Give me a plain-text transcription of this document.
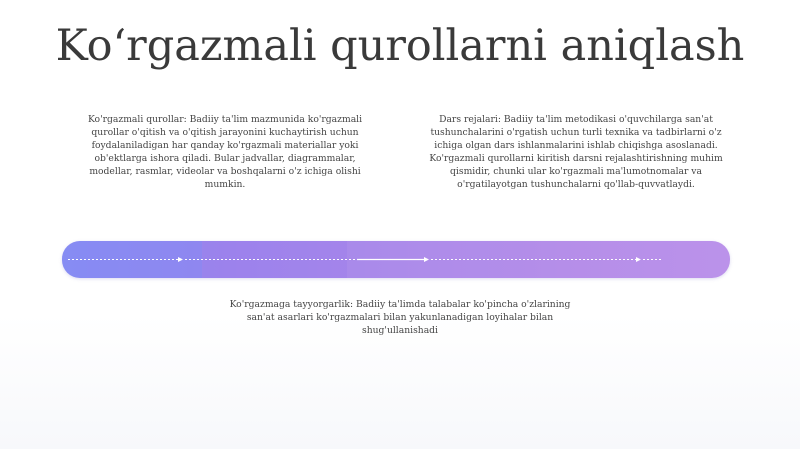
Ko‘rgazmali qurollarni aniqlash
Ko'rgazmali qurollar: Badiiy ta'lim mazmunida ko'rgazmali qurollar o'qitish va o'qitish jarayonini kuchaytirish uchun foydalaniladigan har qanday ko'rgazmali materiallar yoki ob'ektlarga ishora qiladi. Bular jadvallar, diagrammalar, modellar, rasmlar, videolar va boshqalarni o'z ichiga olishi mumkin.
Dars rejalari: Badiiy ta'lim metodikasi o'quvchilarga san'at tushunchalarini o'rgatish uchun turli texnika va tadbirlarni o'z ichiga olgan dars ishlanmalarini ishlab chiqishga asoslanadi. Ko'rgazmali qurollarni kiritish darsni rejalashtirishning muhim qismidir, chunki ular ko'rgazmali ma'lumotnomalar va o'rgatilayotgan tushunchalarni qo'llab-quvvatlaydi.
Ko'rgazmaga tayyorgarlik: Badiiy ta'limda talabalar ko'pincha o'zlarining san'at asarlari ko'rgazmalari bilan yakunlanadigan loyihalar bilan shug'ullanishadi
